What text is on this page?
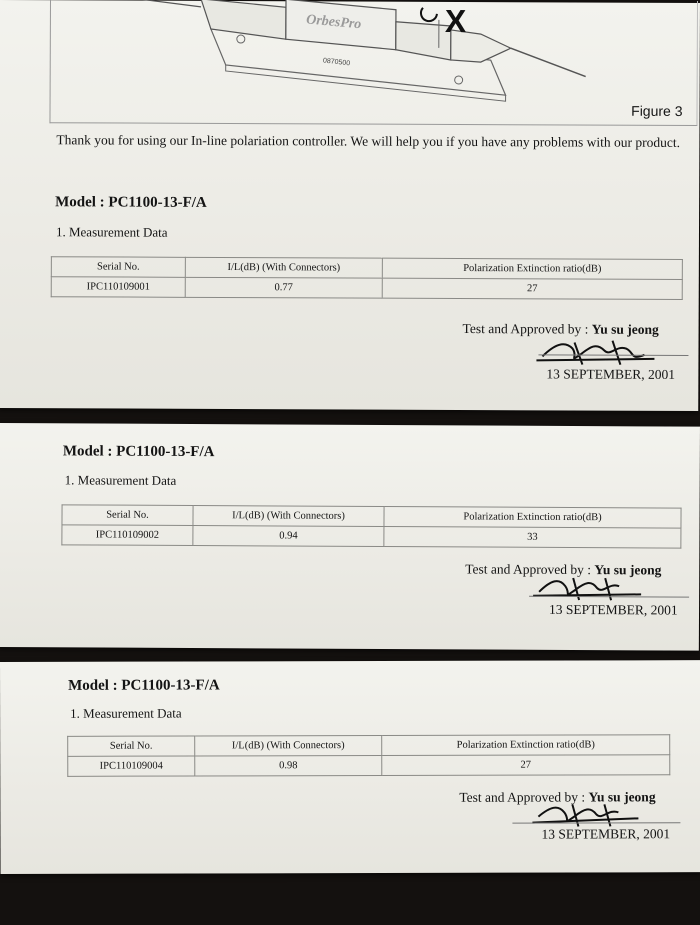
OrbesPro
0870500
X
Figure 3
Thank you for using our In-line polariation controller. We will help you if you have any problems with our product.
Model : PC1100-13-F/A
1. Measurement Data
Serial No.	I/L(dB) (With Connectors)	Polarization Extinction ratio(dB)
IPC110109001	0.77	27
Test and Approved by : Yu su jeong
13 SEPTEMBER, 2001
Model : PC1100-13-F/A
1. Measurement Data
Serial No.	I/L(dB) (With Connectors)	Polarization Extinction ratio(dB)
IPC110109002	0.94	33
Test and Approved by : Yu su jeong
13 SEPTEMBER, 2001
Model : PC1100-13-F/A
1. Measurement Data
Serial No.	I/L(dB) (With Connectors)	Polarization Extinction ratio(dB)
IPC110109004	0.98	27
Test and Approved by : Yu su jeong
13 SEPTEMBER, 2001
